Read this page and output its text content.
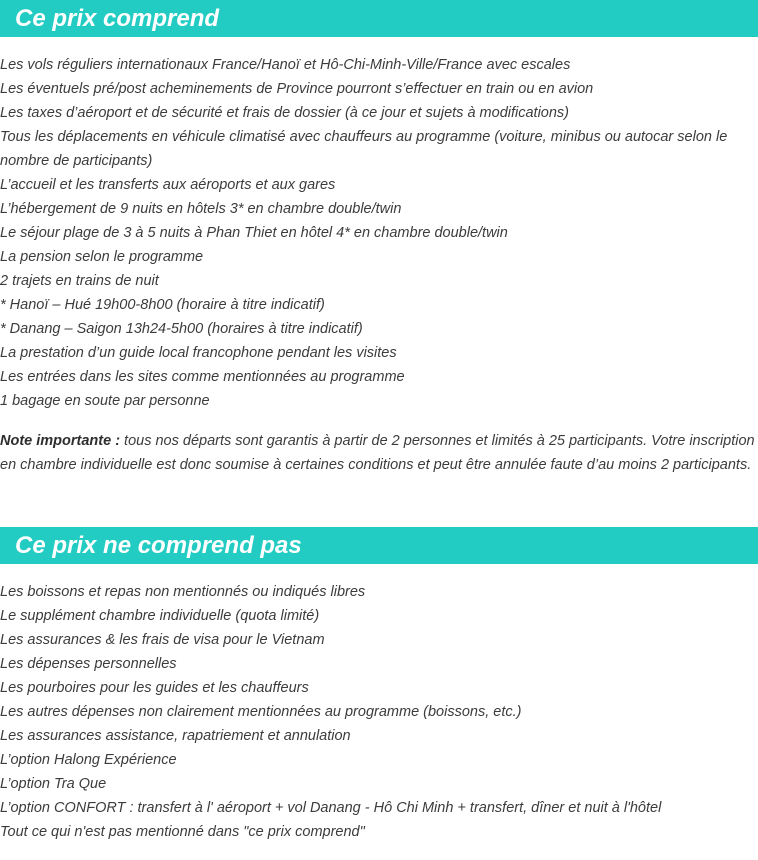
Ce prix comprend
Les vols réguliers internationaux France/Hanoï et Hô-Chi-Minh-Ville/France avec escales
Les éventuels pré/post acheminements de Province pourront s’effectuer en train ou en avion
Les taxes d’aéroport et de sécurité et frais de dossier (à ce jour et sujets à modifications)
Tous les déplacements en véhicule climatisé avec chauffeurs au programme (voiture, minibus ou autocar selon le nombre de participants)
L’accueil et les transferts aux aéroports et aux gares
L’hébergement de 9 nuits en hôtels 3* en chambre double/twin
Le séjour plage de 3 à 5 nuits à Phan Thiet en hôtel 4* en chambre double/twin
La pension selon le programme
2 trajets en trains de nuit
* Hanoï – Hué 19h00-8h00 (horaire à titre indicatif)
* Danang – Saigon 13h24-5h00 (horaires à titre indicatif)
La prestation d’un guide local francophone pendant les visites
Les entrées dans les sites comme mentionnées au programme
1 bagage en soute par personne

Note importante : tous nos départs sont garantis à partir de 2 personnes et limités à 25 participants. Votre inscription en chambre individuelle est donc soumise à certaines conditions et peut être annulée faute d’au moins 2 participants.

Ce prix ne comprend pas
Les boissons et repas non mentionnés ou indiqués libres
Le supplément chambre individuelle (quota limité)
Les assurances & les frais de visa pour le Vietnam
Les dépenses personnelles
Les pourboires pour les guides et les chauffeurs
Les autres dépenses non clairement mentionnées au programme (boissons, etc.)
Les assurances assistance, rapatriement et annulation
L’option Halong Expérience
L’option Tra Que
L’option CONFORT : transfert à l' aéroport + vol Danang - Hô Chi Minh + transfert, dîner et nuit à l'hôtel
Tout ce qui n'est pas mentionné dans "ce prix comprend"
